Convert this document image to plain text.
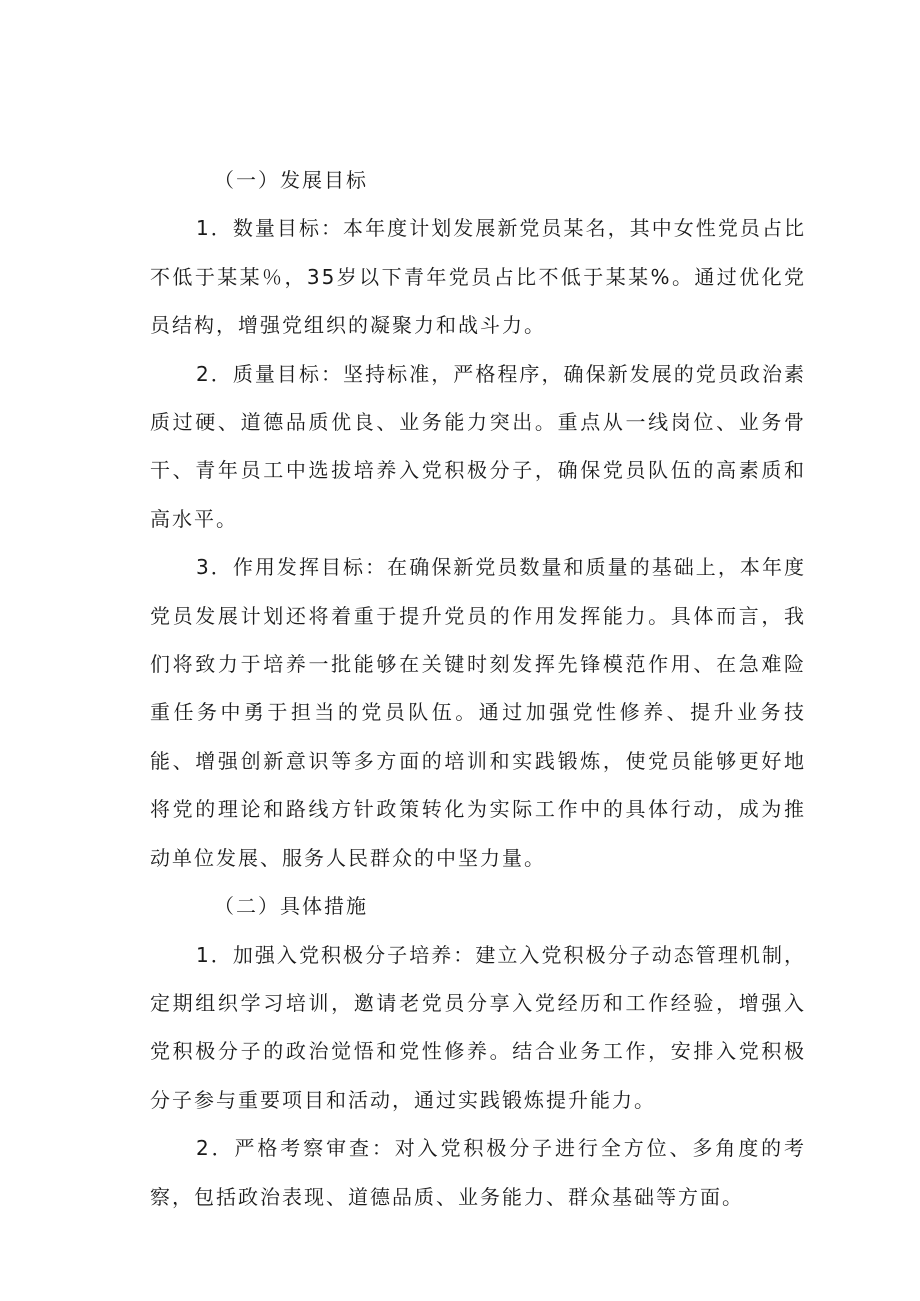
（一）发展目标

1．数量目标：本年度计划发展新党员某名，其中女性党员占比不低于某某％，35岁以下青年党员占比不低于某某%。通过优化党员结构，增强党组织的凝聚力和战斗力。

2．质量目标：坚持标准，严格程序，确保新发展的党员政治素质过硬、道德品质优良、业务能力突出。重点从一线岗位、业务骨干、青年员工中选拔培养入党积极分子，确保党员队伍的高素质和高水平。

3．作用发挥目标：在确保新党员数量和质量的基础上，本年度党员发展计划还将着重于提升党员的作用发挥能力。具体而言，我们将致力于培养一批能够在关键时刻发挥先锋模范作用、在急难险重任务中勇于担当的党员队伍。通过加强党性修养、提升业务技能、增强创新意识等多方面的培训和实践锻炼，使党员能够更好地将党的理论和路线方针政策转化为实际工作中的具体行动，成为推动单位发展、服务人民群众的中坚力量。

（二）具体措施

1．加强入党积极分子培养：建立入党积极分子动态管理机制，定期组织学习培训，邀请老党员分享入党经历和工作经验，增强入党积极分子的政治觉悟和党性修养。结合业务工作，安排入党积极分子参与重要项目和活动，通过实践锻炼提升能力。

2．严格考察审查：对入党积极分子进行全方位、多角度的考察，包括政治表现、道德品质、业务能力、群众基础等方面。
